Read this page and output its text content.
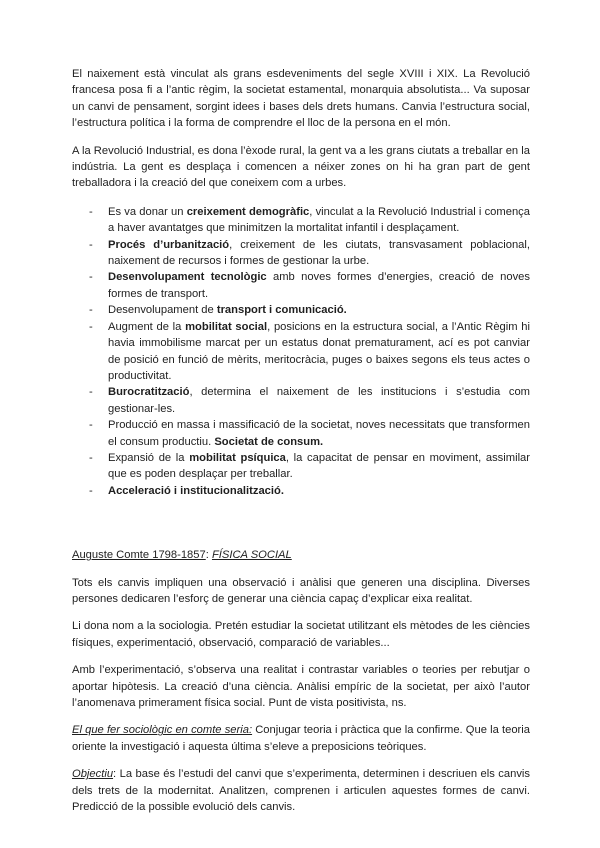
El naixement està vinculat als grans esdeveniments del segle XVIII i XIX. La Revolució francesa posa fi a l’antic règim, la societat estamental, monarquia absolutista... Va suposar un canvi de pensament, sorgint idees i bases dels drets humans. Canvia l’estructura social, l’estructura política i la forma de comprendre el lloc de la persona en el món.

A la Revolució Industrial, es dona l’èxode rural, la gent va a les grans ciutats a treballar en la indústria. La gent es desplaça i comencen a néixer zones on hi ha gran part de gent treballadora i la creació del que coneixem com a urbes.

- Es va donar un creixement demogràfic, vinculat a la Revolució Industrial i comença a haver avantatges que minimitzen la mortalitat infantil i desplaçament.
- Procés d’urbanització, creixement de les ciutats, transvasament poblacional, naixement de recursos i formes de gestionar la urbe.
- Desenvolupament tecnològic amb noves formes d’energies, creació de noves formes de transport.
- Desenvolupament de transport i comunicació.
- Augment de la mobilitat social, posicions en la estructura social, a l’Antic Règim hi havia immobilisme marcat per un estatus donat prematurament, ací es pot canviar de posició en funció de mèrits, meritocràcia, puges o baixes segons els teus actes o productivitat.
- Burocratització, determina el naixement de les institucions i s’estudia com gestionar-les.
- Producció en massa i massificació de la societat, noves necessitats que transformen el consum productiu. Societat de consum.
- Expansió de la mobilitat psíquica, la capacitat de pensar en moviment, assimilar que es poden desplaçar per treballar.
- Acceleració i institucionalització.

Auguste Comte 1798-1857: FÍSICA SOCIAL

Tots els canvis impliquen una observació i anàlisi que generen una disciplina. Diverses persones dedicaren l’esforç de generar una ciència capaç d’explicar eixa realitat.

Li dona nom a la sociologia. Pretén estudiar la societat utilitzant els mètodes de les ciències físiques, experimentació, observació, comparació de variables...

Amb l’experimentació, s’observa una realitat i contrastar variables o teories per rebutjar o aportar hipòtesis. La creació d’una ciència. Anàlisi empíric de la societat, per això l’autor l’anomenava primerament física social. Punt de vista positivista, ns.

El que fer sociològic en comte seria: Conjugar teoria i pràctica que la confirme. Que la teoria oriente la investigació i aquesta última s’eleve a preposicions teòriques.

Objectiu: La base és l’estudi del canvi que s’experimenta, determinen i descriuen els canvis dels trets de la modernitat. Analitzen, comprenen i articulen aquestes formes de canvi. Predicció de la possible evolució dels canvis.
